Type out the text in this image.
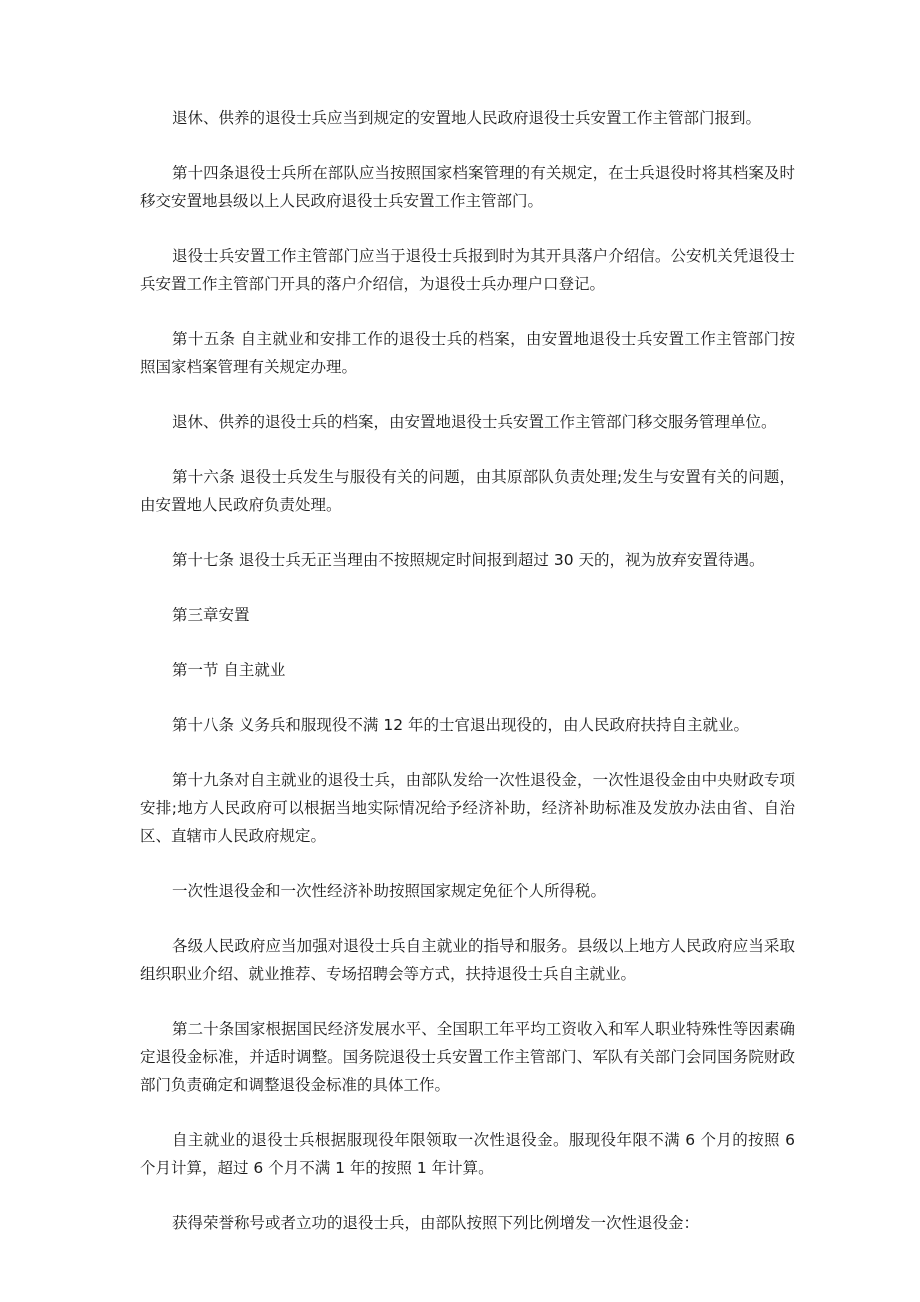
退休、供养的退役士兵应当到规定的安置地人民政府退役士兵安置工作主管部门报到。

第十四条退役士兵所在部队应当按照国家档案管理的有关规定，在士兵退役时将其档案及时移交安置地县级以上人民政府退役士兵安置工作主管部门。

退役士兵安置工作主管部门应当于退役士兵报到时为其开具落户介绍信。公安机关凭退役士兵安置工作主管部门开具的落户介绍信，为退役士兵办理户口登记。

第十五条 自主就业和安排工作的退役士兵的档案，由安置地退役士兵安置工作主管部门按照国家档案管理有关规定办理。

退休、供养的退役士兵的档案，由安置地退役士兵安置工作主管部门移交服务管理单位。

第十六条 退役士兵发生与服役有关的问题，由其原部队负责处理;发生与安置有关的问题，由安置地人民政府负责处理。

第十七条 退役士兵无正当理由不按照规定时间报到超过 30 天的，视为放弃安置待遇。

第三章安置

第一节 自主就业

第十八条 义务兵和服现役不满 12 年的士官退出现役的，由人民政府扶持自主就业。

第十九条对自主就业的退役士兵，由部队发给一次性退役金，一次性退役金由中央财政专项安排;地方人民政府可以根据当地实际情况给予经济补助，经济补助标准及发放办法由省、自治区、直辖市人民政府规定。

一次性退役金和一次性经济补助按照国家规定免征个人所得税。

各级人民政府应当加强对退役士兵自主就业的指导和服务。县级以上地方人民政府应当采取组织职业介绍、就业推荐、专场招聘会等方式，扶持退役士兵自主就业。

第二十条国家根据国民经济发展水平、全国职工年平均工资收入和军人职业特殊性等因素确定退役金标准，并适时调整。国务院退役士兵安置工作主管部门、军队有关部门会同国务院财政部门负责确定和调整退役金标准的具体工作。

自主就业的退役士兵根据服现役年限领取一次性退役金。服现役年限不满 6 个月的按照 6 个月计算，超过 6 个月不满 1 年的按照 1 年计算。

获得荣誉称号或者立功的退役士兵，由部队按照下列比例增发一次性退役金：
